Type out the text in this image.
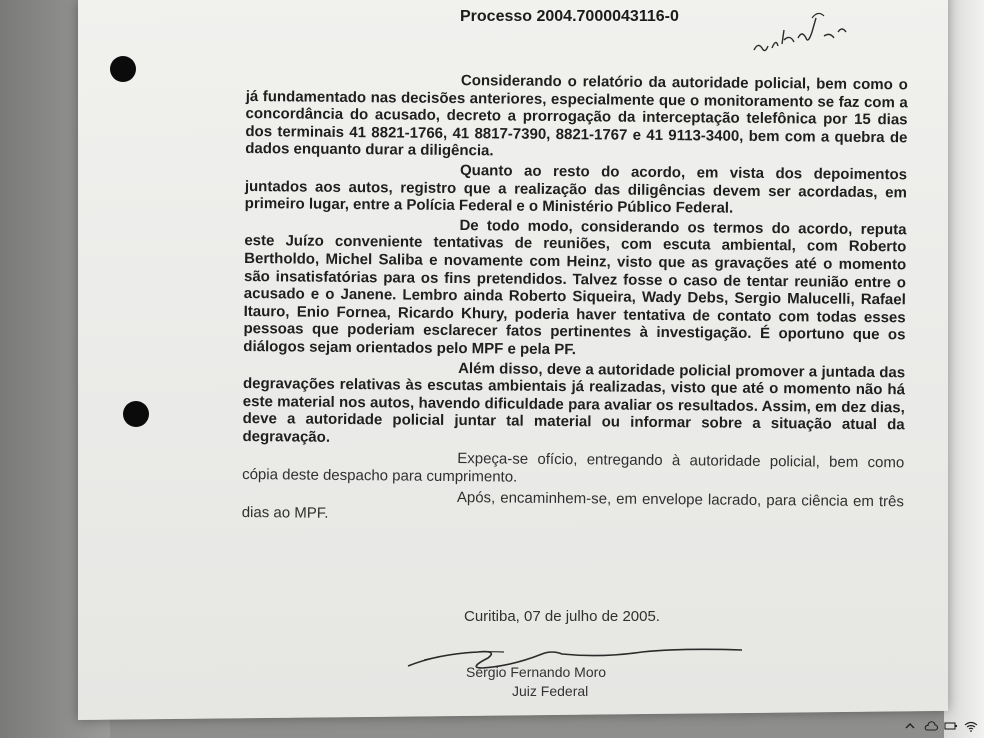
Processo 2004.7000043116-0

Considerando o relatório da autoridade policial, bem como o já fundamentado nas decisões anteriores, especialmente que o monitoramento se faz com a concordância do acusado, decreto a prorrogação da interceptação telefônica por 15 dias dos terminais 41 8821-1766, 41 8817-7390, 8821-1767 e 41 9113-3400, bem com a quebra de dados enquanto durar a diligência.

Quanto ao resto do acordo, em vista dos depoimentos juntados aos autos, registro que a realização das diligências devem ser acordadas, em primeiro lugar, entre a Polícia Federal e o Ministério Público Federal.

De todo modo, considerando os termos do acordo, reputa este Juízo conveniente tentativas de reuniões, com escuta ambiental, com Roberto Bertholdo, Michel Saliba e novamente com Heinz, visto que as gravações até o momento são insatisfatórias para os fins pretendidos. Talvez fosse o caso de tentar reunião entre o acusado e o Janene. Lembro ainda Roberto Siqueira, Wady Debs, Sergio Malucelli, Rafael Itauro, Enio Fornea, Ricardo Khury, poderia haver tentativa de contato com todas esses pessoas que poderiam esclarecer fatos pertinentes à investigação. É oportuno que os diálogos sejam orientados pelo MPF e pela PF.

Além disso, deve a autoridade policial promover a juntada das degravações relativas às escutas ambientais já realizadas, visto que até o momento não há este material nos autos, havendo dificuldade para avaliar os resultados. Assim, em dez dias, deve a autoridade policial juntar tal material ou informar sobre a situação atual da degravação.

Expeça-se ofício, entregando à autoridade policial, bem como cópia deste despacho para cumprimento.

Após, encaminhem-se, em envelope lacrado, para ciência em três dias ao MPF.

Curitiba, 07 de julho de 2005.
Sergio Fernando Moro
Juiz Federal
